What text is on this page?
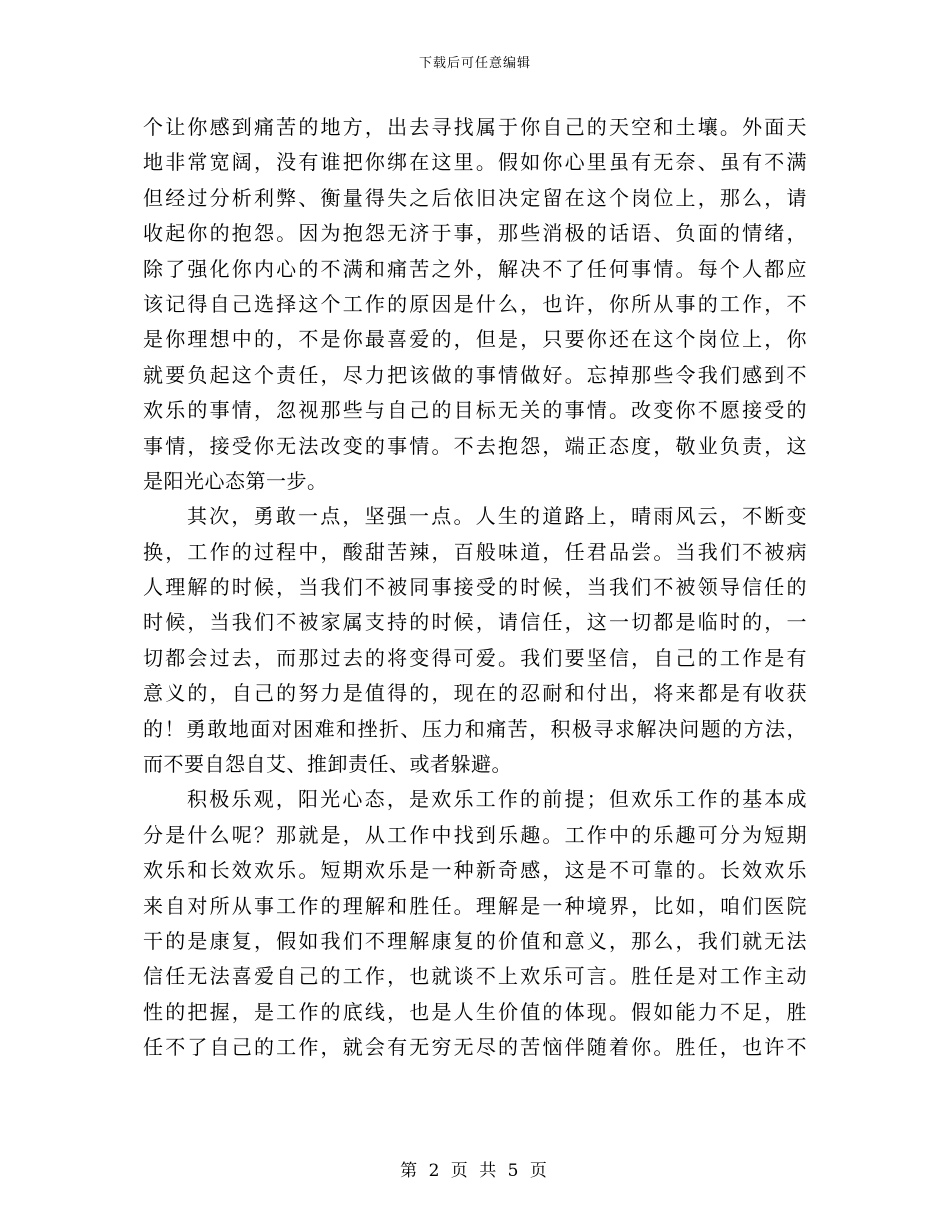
下载后可任意编辑
个让你感到痛苦的地方，出去寻找属于你自己的天空和土壤。外面天
地非常宽阔，没有谁把你绑在这里。假如你心里虽有无奈、虽有不满
但经过分析利弊、衡量得失之后依旧决定留在这个岗位上，那么，请
收起你的抱怨。因为抱怨无济于事，那些消极的话语、负面的情绪，
除了强化你内心的不满和痛苦之外，解决不了任何事情。每个人都应
该记得自己选择这个工作的原因是什么，也许，你所从事的工作，不
是你理想中的，不是你最喜爱的，但是，只要你还在这个岗位上，你
就要负起这个责任，尽力把该做的事情做好。忘掉那些令我们感到不
欢乐的事情，忽视那些与自己的目标无关的事情。改变你不愿接受的
事情，接受你无法改变的事情。不去抱怨，端正态度，敬业负责，这
是阳光心态第一步。
其次，勇敢一点，坚强一点。人生的道路上，晴雨风云，不断变
换，工作的过程中，酸甜苦辣，百般味道，任君品尝。当我们不被病
人理解的时候，当我们不被同事接受的时候，当我们不被领导信任的
时候，当我们不被家属支持的时候，请信任，这一切都是临时的，一
切都会过去，而那过去的将变得可爱。我们要坚信，自己的工作是有
意义的，自己的努力是值得的，现在的忍耐和付出，将来都是有收获
的！勇敢地面对困难和挫折、压力和痛苦，积极寻求解决问题的方法，
而不要自怨自艾、推卸责任、或者躲避。
积极乐观，阳光心态，是欢乐工作的前提；但欢乐工作的基本成
分是什么呢？那就是，从工作中找到乐趣。工作中的乐趣可分为短期
欢乐和长效欢乐。短期欢乐是一种新奇感，这是不可靠的。长效欢乐
来自对所从事工作的理解和胜任。理解是一种境界，比如，咱们医院
干的是康复，假如我们不理解康复的价值和意义，那么，我们就无法
信任无法喜爱自己的工作，也就谈不上欢乐可言。胜任是对工作主动
性的把握，是工作的底线，也是人生价值的体现。假如能力不足，胜
任不了自己的工作，就会有无穷无尽的苦恼伴随着你。胜任，也许不
第 2 页 共 5 页
